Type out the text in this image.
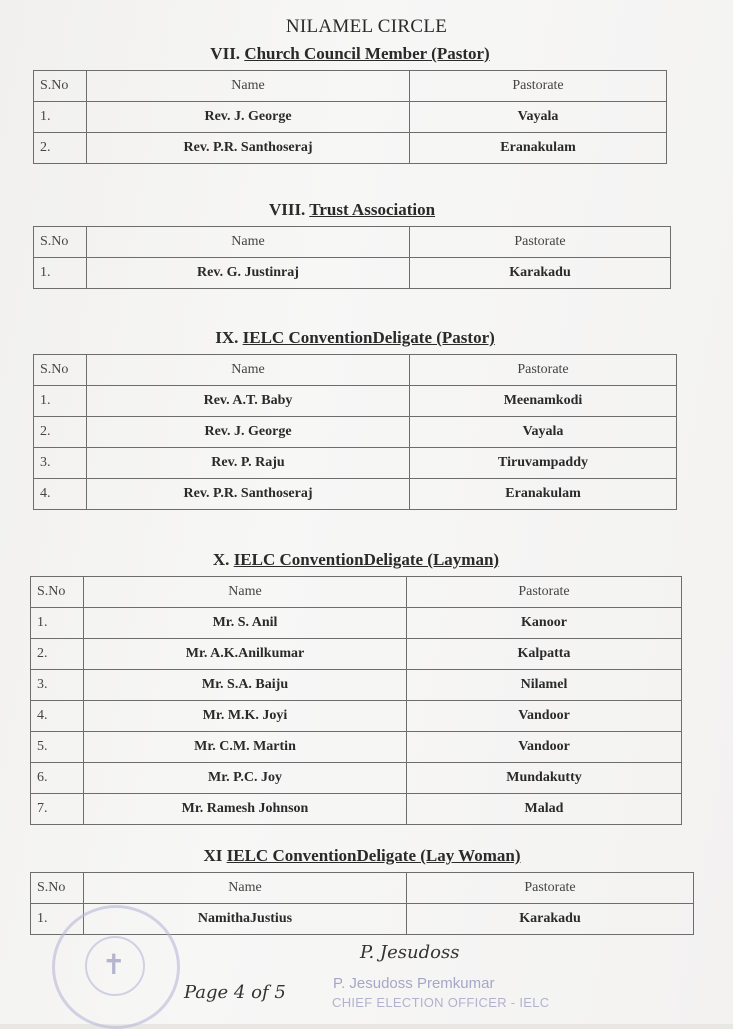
NILAMEL CIRCLE
VII. Church Council Member (Pastor)
S.No	Name	Pastorate
1.	Rev. J. George	Vayala
2.	Rev. P.R. Santhoseraj	Eranakulam
VIII. Trust Association
S.No	Name	Pastorate
1.	Rev. G. Justinraj	Karakadu
IX. IELC ConventionDeligate (Pastor)
S.No	Name	Pastorate
1.	Rev. A.T. Baby	Meenamkodi
2.	Rev. J. George	Vayala
3.	Rev. P. Raju	Tiruvampaddy
4.	Rev. P.R. Santhoseraj	Eranakulam
X. IELC ConventionDeligate (Layman)
S.No	Name	Pastorate
1.	Mr. S. Anil	Kanoor
2.	Mr. A.K.Anilkumar	Kalpatta
3.	Mr. S.A. Baiju	Nilamel
4.	Mr. M.K. Joyi	Vandoor
5.	Mr. C.M. Martin	Vandoor
6.	Mr. P.C. Joy	Mundakutty
7.	Mr. Ramesh Johnson	Malad
XI IELC ConventionDeligate (Lay Woman)
S.No	Name	Pastorate
1.	NamithaJustius	Karakadu
✝	P. Jesudoss
P. Jesudoss Premkumar
CHIEF ELECTION OFFICER - IELC
Page 4 of 5
